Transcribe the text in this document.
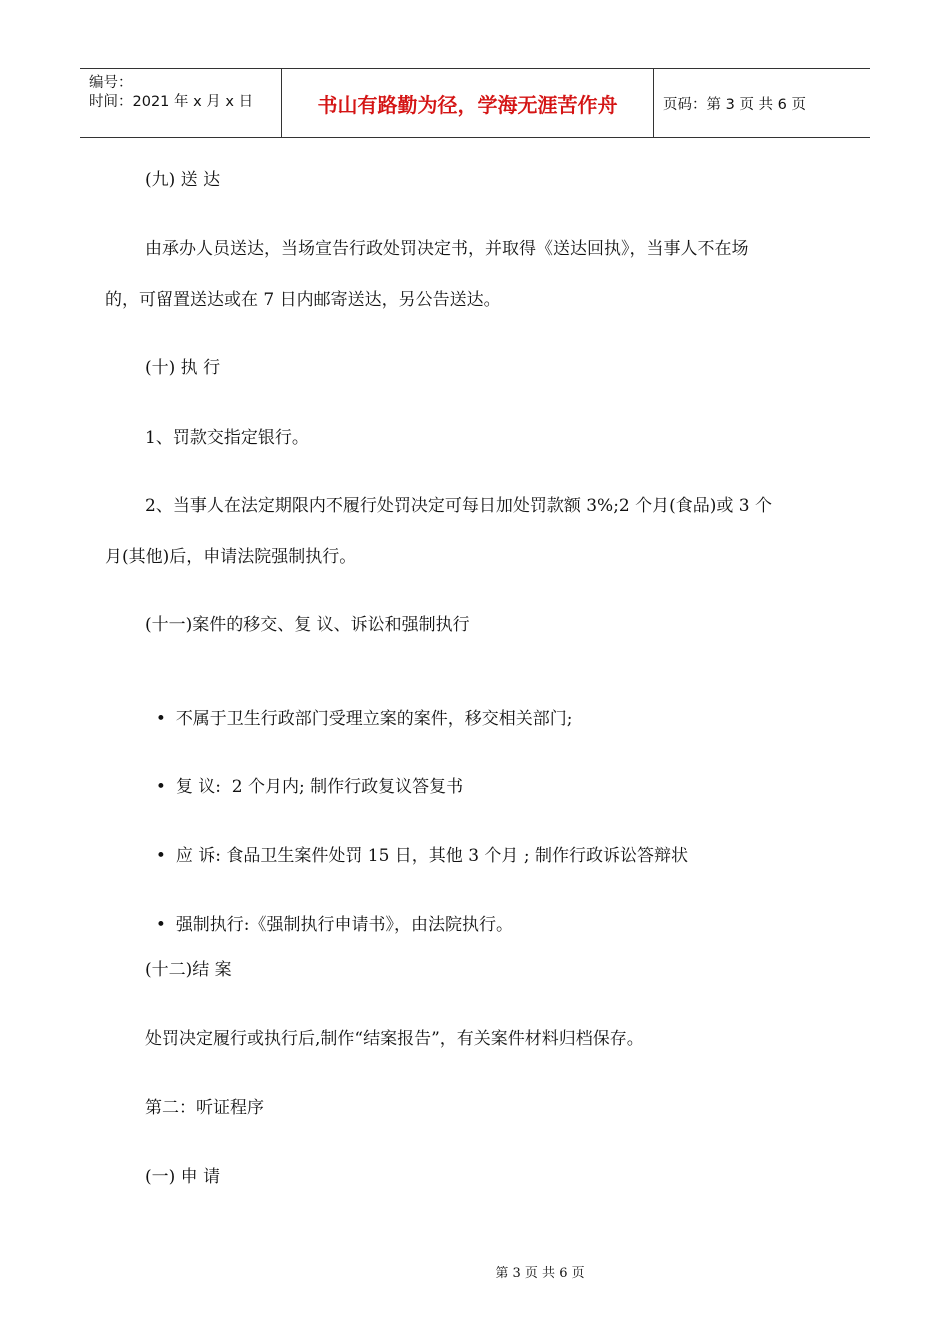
编号：
时间：2021 年 x 月 x 日	书山有路勤为径，学海无涯苦作舟	页码：第 3 页 共 6 页
(九) 送 达
由承办人员送达，当场宣告行政处罚决定书，并取得《送达回执》，当事人不在场
的，可留置送达或在 7 日内邮寄送达，另公告送达。
(十) 执 行
1、罚款交指定银行。
2、当事人在法定期限内不履行处罚决定可每日加处罚款额 3%;2 个月(食品)或 3 个
月(其他)后，申请法院强制执行。
(十一)案件的移交、复 议、诉讼和强制执行

• 不属于卫生行政部门受理立案的案件，移交相关部门;

• 复 议:  2 个月内; 制作行政复议答复书

• 应 诉: 食品卫生案件处罚 15 日，其他 3 个月 ; 制作行政诉讼答辩状

• 强制执行:《强制执行申请书》，由法院执行。

(十二)结 案
处罚决定履行或执行后,制作“结案报告”，有关案件材料归档保存。
第二：听证程序
(一) 申 请
第 3 页 共 6 页
